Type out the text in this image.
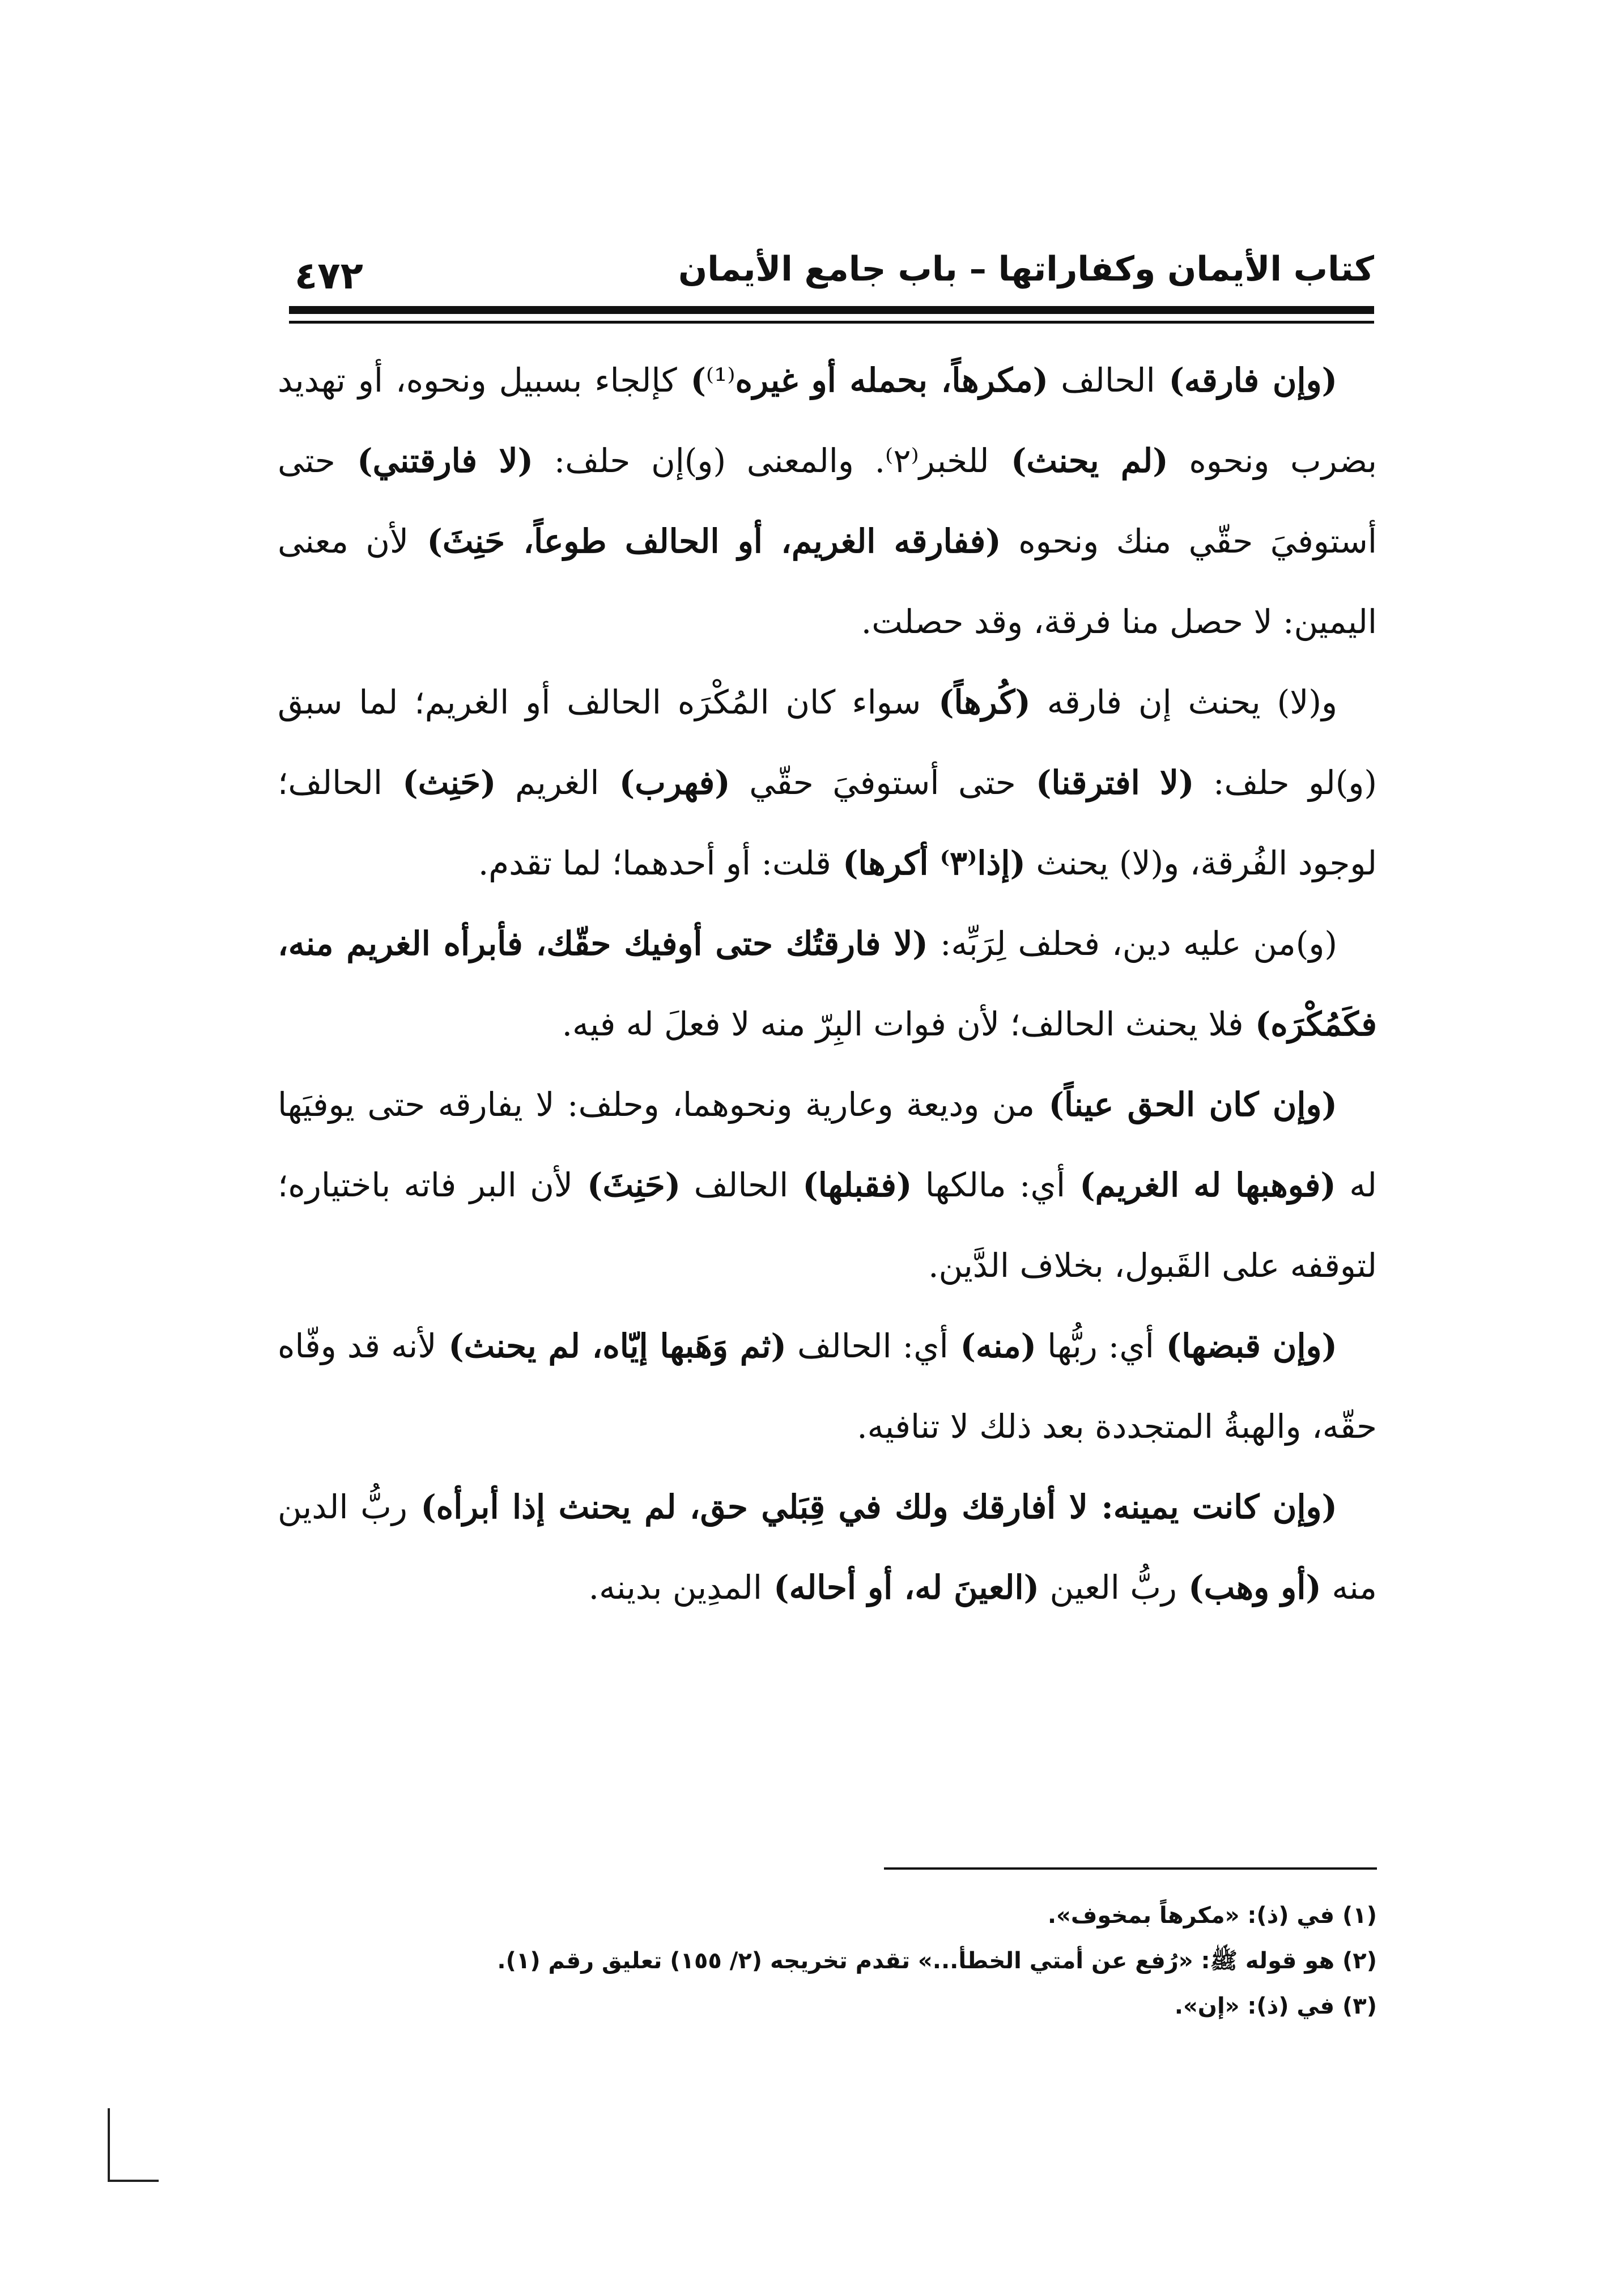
كتاب الأيمان وكفاراتها – باب جامع الأيمان
٤٧٢

(وإن فارقه) الحالف (مكرهاً، بحمله أو غيره⁽¹⁾) كإلجاء بسبيل ونحوه، أو تهديد بضرب ونحوه (لم يحنث) للخبر⁽٢⁾. والمعنى (و)إن حلف: (لا فارقتني) حتى أستوفيَ حقّي منك ونحوه (ففارقه الغريم، أو الحالف طوعاً، حَنِثَ) لأن معنى اليمين: لا حصل منا فرقة، وقد حصلت.

و(لا) يحنث إن فارقه (كُرهاً) سواء كان المُكْرَه الحالف أو الغريم؛ لما سبق (و)لو حلف: (لا افترقنا) حتى أستوفيَ حقّي (فهرب) الغريم (حَنِث) الحالف؛ لوجود الفُرقة، و(لا) يحنث (إذا⁽٣⁾ أكرها) قلت: أو أحدهما؛ لما تقدم.

(و)من عليه دين، فحلف لِرَبِّه: (لا فارقتُك حتى أوفيك حقّك، فأبرأه الغريم منه، فكَمُكْرَه) فلا يحنث الحالف؛ لأن فوات البِرّ منه لا فعلَ له فيه.

(وإن كان الحق عيناً) من وديعة وعارية ونحوهما، وحلف: لا يفارقه حتى يوفيَها له (فوهبها له الغريم) أي: مالكها (فقبلها) الحالف (حَنِثَ) لأن البر فاته باختياره؛ لتوقفه على القَبول، بخلاف الدَّين.

(وإن قبضها) أي: ربُّها (منه) أي: الحالف (ثم وَهَبها إيّاه، لم يحنث) لأنه قد وفّاه حقّه، والهبةُ المتجددة بعد ذلك لا تنافيه.

(وإن كانت يمينه: لا أفارقك ولك في قِبَلي حق، لم يحنث إذا أبرأه) ربُّ الدين منه (أو وهب) ربُّ العين (العينَ له، أو أحاله) المدِين بدينه.

(١) في (ذ): «مكرهاً بمخوف».

(٢) هو قوله ﷺ: «رُفع عن أمتي الخطأ...» تقدم تخريجه (٢/ ١٥٥) تعليق رقم (١).

(٣) في (ذ): «إن».
